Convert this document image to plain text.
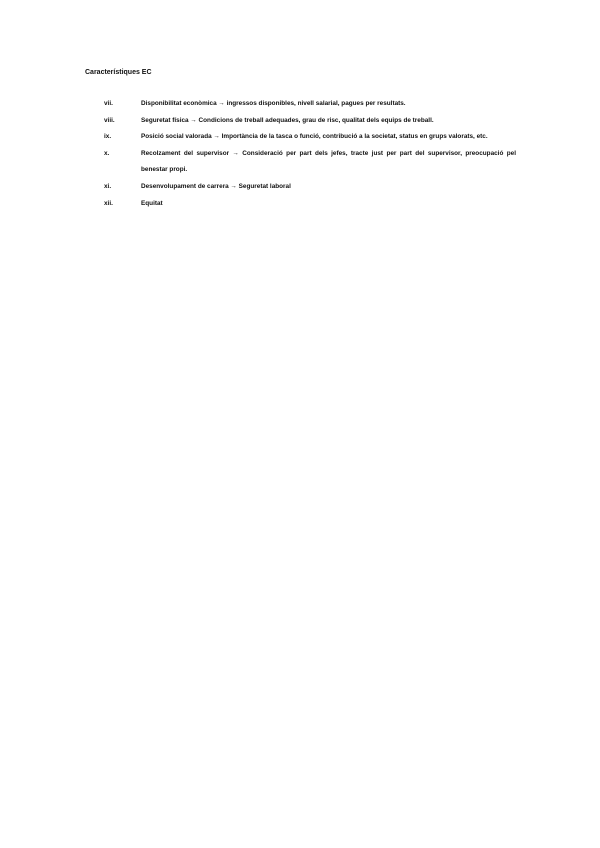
Característiques EC
vii.	Disponibilitat econòmica → ingressos disponibles, nivell salarial, pagues per resultats.
viii.	Seguretat física → Condicions de treball adequades, grau de risc, qualitat dels equips de treball.
ix.	Posició social valorada → Importància de la tasca o funció, contribució a la societat, status en grups valorats, etc.
x.	Recolzament del supervisor → Consideració per part dels jefes, tracte just per part del supervisor, preocupació pel benestar propi.
xi.	Desenvolupament de carrera → Seguretat laboral
xii.	Equitat
